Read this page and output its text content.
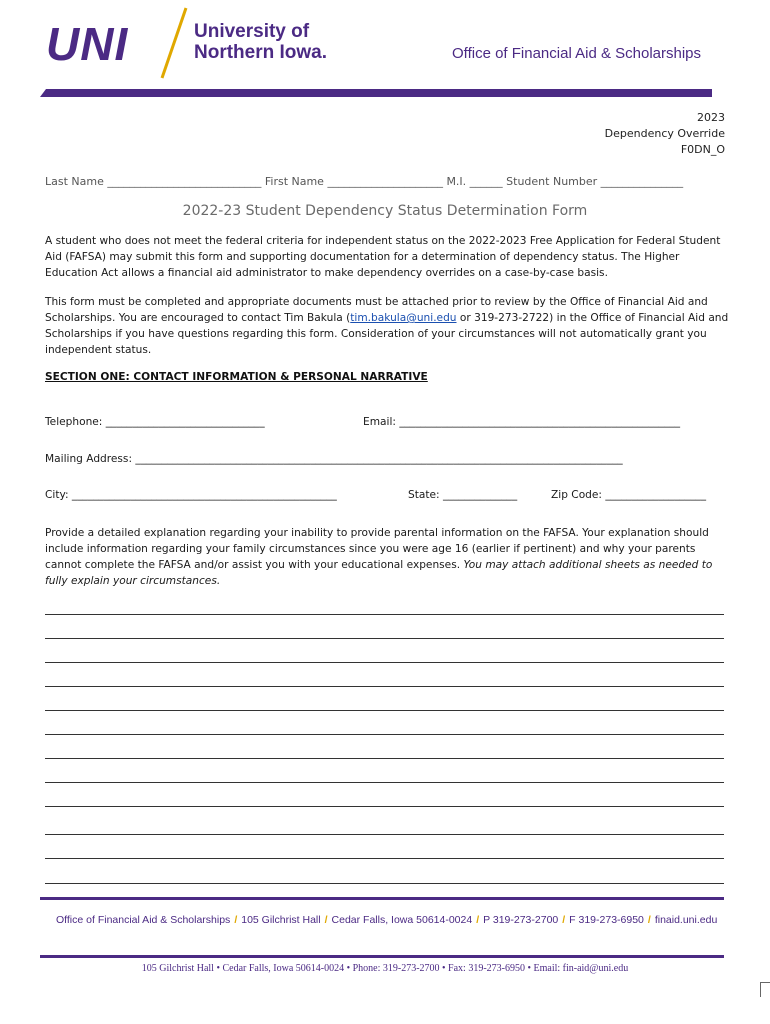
UNI	University of
Northern Iowa.	Office of Financial Aid & Scholarships
2023
Dependency Override
F0DN_O
Last Name ____________________________ First Name _____________________ M.I. ______ Student Number _______________
2022-23 Student Dependency Status Determination Form
A student who does not meet the federal criteria for independent status on the 2022-2023 Free Application for Federal Student Aid (FAFSA) may submit this form and supporting documentation for a determination of dependency status. The Higher Education Act allows a financial aid administrator to make dependency overrides on a case-by-case basis.
This form must be completed and appropriate documents must be attached prior to review by the Office of Financial Aid and Scholarships. You are encouraged to contact Tim Bakula (tim.bakula@uni.edu or 319-273-2722) in the Office of Financial Aid and Scholarships if you have questions regarding this form. Consideration of your circumstances will not automatically grant you independent status.
SECTION ONE: CONTACT INFORMATION & PERSONAL NARRATIVE
Telephone: ______________________________	Email: _____________________________________________________
Mailing Address: ____________________________________________________________________________________________
City: __________________________________________________	State: ______________	Zip Code: ___________________
Provide a detailed explanation regarding your inability to provide parental information on the FAFSA. Your explanation should include information regarding your family circumstances since you were age 16 (earlier if pertinent) and why your parents cannot complete the FAFSA and/or assist you with your educational expenses. You may attach additional sheets as needed to fully explain your circumstances.
Office of Financial Aid & Scholarships / 105 Gilchrist Hall / Cedar Falls, Iowa 50614-0024 / P 319-273-2700 / F 319-273-6950 / finaid.uni.edu
105 Gilchrist Hall • Cedar Falls, Iowa 50614-0024 • Phone: 319-273-2700 • Fax: 319-273-6950 • Email: fin-aid@uni.edu
